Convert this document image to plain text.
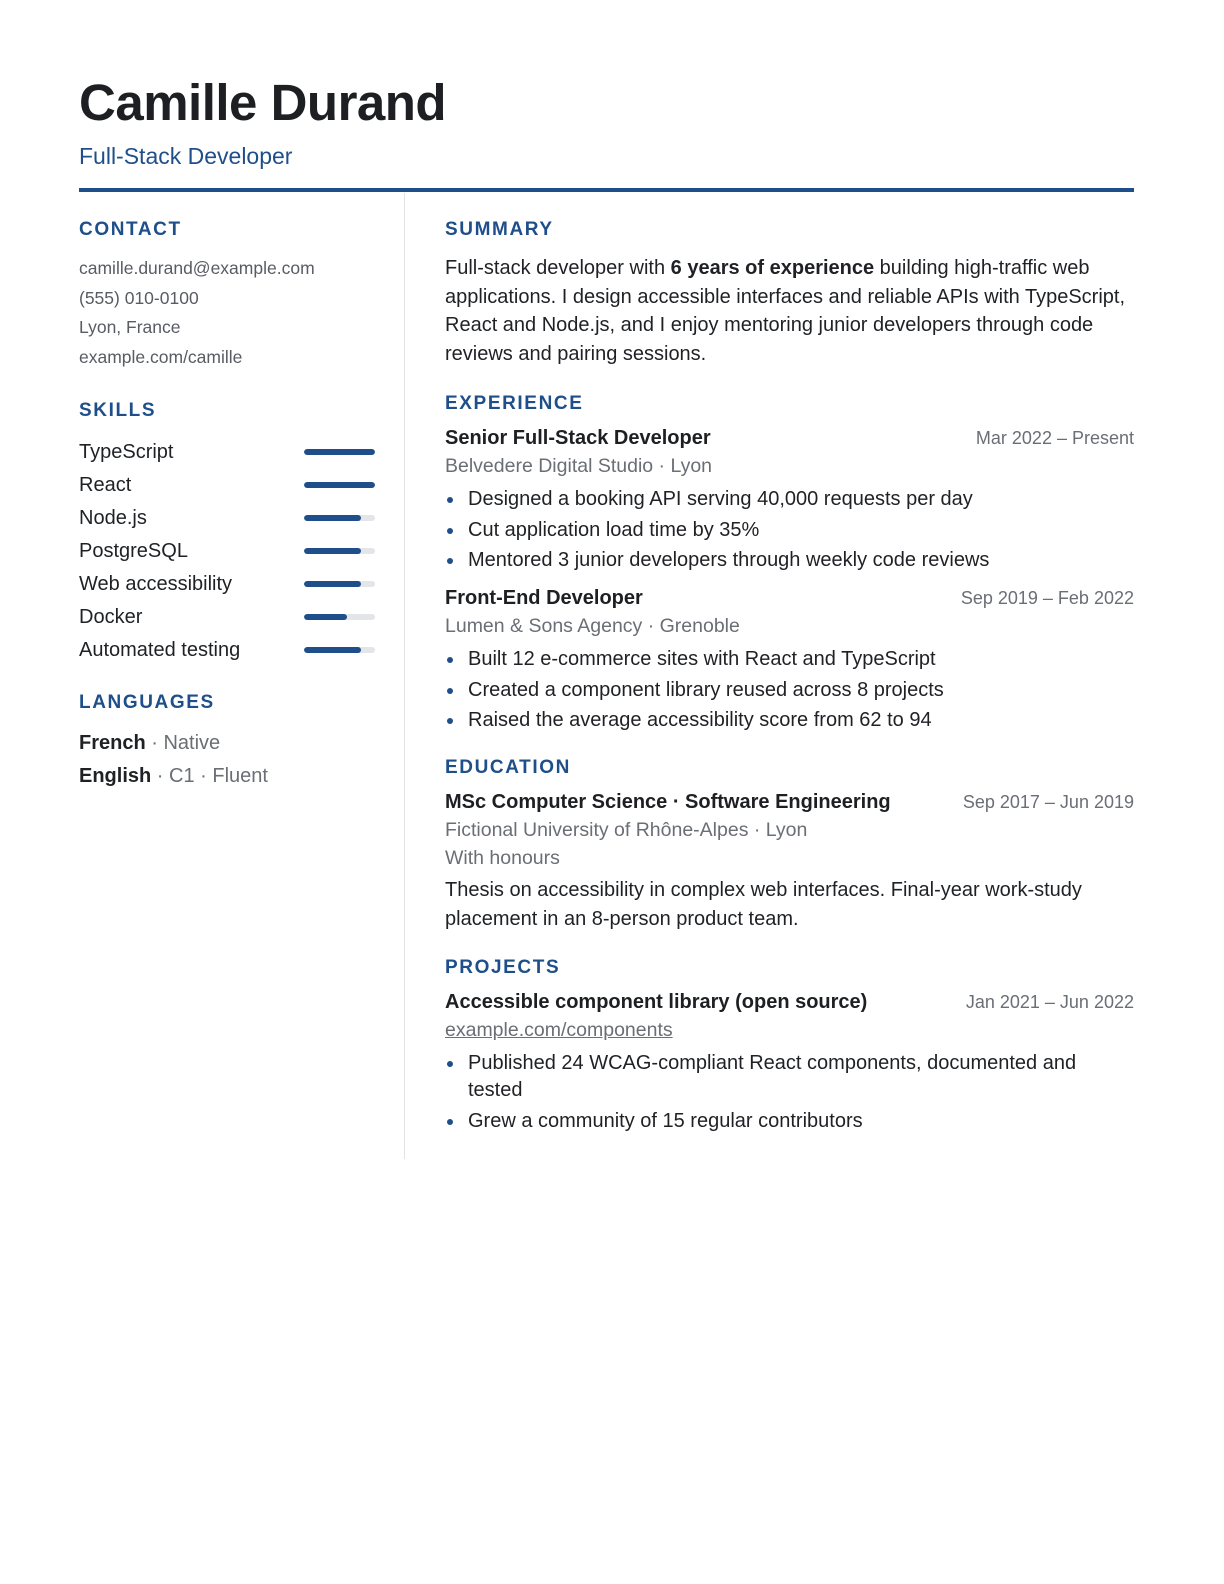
Camille Durand
Full-Stack Developer
CONTACT
camille.durand@example.com
(555) 010-0100
Lyon, France
example.com/camille
SKILLS
TypeScript
React
Node.js
PostgreSQL
Web accessibility
Docker
Automated testing
LANGUAGES
French · Native
English · C1 · Fluent
SUMMARY

Full-stack developer with 6 years of experience building high-traffic web applications. I design accessible interfaces and reliable APIs with TypeScript, React and Node.js, and I enjoy mentoring junior developers through code reviews and pairing sessions.

EXPERIENCE
Senior Full-Stack Developer	Mar 2022 – Present
Belvedere Digital Studio · Lyon
Designed a booking API serving 40,000 requests per day
Cut application load time by 35%
Mentored 3 junior developers through weekly code reviews
Front-End Developer	Sep 2019 – Feb 2022
Lumen & Sons Agency · Grenoble
Built 12 e-commerce sites with React and TypeScript
Created a component library reused across 8 projects
Raised the average accessibility score from 62 to 94
EDUCATION
MSc Computer Science · Software Engineering	Sep 2017 – Jun 2019
Fictional University of Rhône-Alpes · Lyon
With honours
Thesis on accessibility in complex web interfaces. Final-year work-study placement in an 8-person product team.
PROJECTS
Accessible component library (open source)	Jan 2021 – Jun 2022
example.com/components
Published 24 WCAG-compliant React components, documented and tested
Grew a community of 15 regular contributors
